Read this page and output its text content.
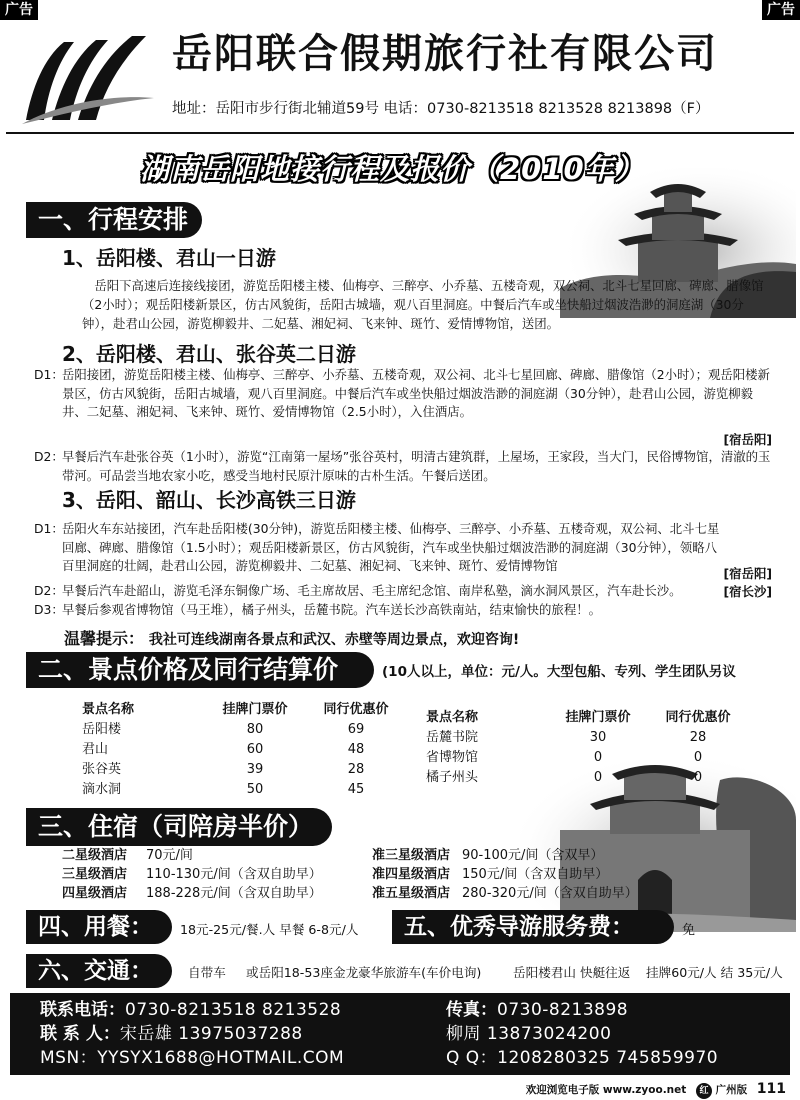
广告	广告
岳阳联合假期旅行社有限公司
地址：岳阳市步行街北辅道59号 电话：0730-8213518 8213528 8213898（F）
湖南岳阳地接行程及报价（2010年）
一、行程安排
1、岳阳楼、君山一日游
岳阳下高速后连接线接团，游览岳阳楼主楼、仙梅亭、三醉亭、小乔墓、五楼奇观，双公祠、北斗七星回廊、碑廊、腊像馆（2小时）；观岳阳楼新景区，仿古风貌街，岳阳古城墙，观八百里洞庭。中餐后汽车或坐快船过烟波浩渺的洞庭湖（30分钟），赴君山公园，游览柳毅井、二妃墓、湘妃祠、飞来钟、斑竹、爱情博物馆，送团。
2、岳阳楼、君山、张谷英二日游
D1：
岳阳接团，游览岳阳楼主楼、仙梅亭、三醉亭、小乔墓、五楼奇观，双公祠、北斗七星回廊、碑廊、腊像馆（2小时）；观岳阳楼新景区，仿古风貌街，岳阳古城墙，观八百里洞庭。中餐后汽车或坐快船过烟波浩渺的洞庭湖（30分钟），赴君山公园，游览柳毅井、二妃墓、湘妃祠、飞来钟、斑竹、爱情博物馆（2.5小时），入住酒店。
[宿岳阳]
D2：
早餐后汽车赴张谷英（1小时），游览“江南第一屋场”张谷英村，明清古建筑群，上屋场，王家段，当大门，民俗博物馆，清澈的玉带河。可品尝当地农家小吃，感受当地村民原汁原味的古朴生活。午餐后送团。
3、岳阳、韶山、长沙高铁三日游
D1：
岳阳火车东站接团，汽车赴岳阳楼(30分钟)，游览岳阳楼主楼、仙梅亭、三醉亭、小乔墓、五楼奇观，双公祠、北斗七星回廊、碑廊、腊像馆（1.5小时）；观岳阳楼新景区，仿古风貌街，汽车或坐快船过烟波浩渺的洞庭湖（30分钟），领略八百里洞庭的壮阔，赴君山公园，游览柳毅井、二妃墓、湘妃祠、飞来钟、斑竹、爱情博物馆
[宿岳阳]
D2：
早餐后汽车赴韶山，游览毛泽东铜像广场、毛主席故居、毛主席纪念馆、南岸私塾，滴水洞风景区，汽车赴长沙。	[宿长沙]
D3：
早餐后参观省博物馆（马王堆），橘子州头，岳麓书院。汽车送长沙高铁南站，结束愉快的旅程！。
温馨提示： 我社可连线湖南各景点和武汉、赤壁等周边景点，欢迎咨询!
二、景点价格及同行结算价	(10人以上，单位：元/人。大型包船、专列、学生团队另议
景点名称	挂牌门票价	同行优惠价
岳阳楼	80	69
君山	60	48
张谷英	39	28
滴水洞	50	45
景点名称	挂牌门票价	同行优惠价
岳麓书院	30	28
省博物馆	0	0
橘子州头	0	0
三、住宿（司陪房半价）
二星级酒店 70元/间
三星级酒店 110-130元/间（含双自助早）
四星级酒店 188-228元/间（含双自助早）
准三星级酒店 90-100元/间（含双早）
准四星级酒店 150元/间（含双自助早）
准五星级酒店 280-320元/间（含双自助早）
四、用餐：	18元-25元/餐.人 早餐 6-8元/人	五、优秀导游服务费：	免
六、交通：	自带车 或岳阳18-53座金龙豪华旅游车(车价电询)	岳阳楼君山 快艇往返 挂牌60元/人 结 35元/人
联系电话：0730-8213518 8213528	传真：0730-8213898
联 系 人：宋岳雄 13975037288	柳周 13873024200
MSN：YYSYX1688@HOTMAIL.COM	Q Q：1208280325 745859970
欢迎浏览电子版 www.zyoo.net 红 广州版 111
